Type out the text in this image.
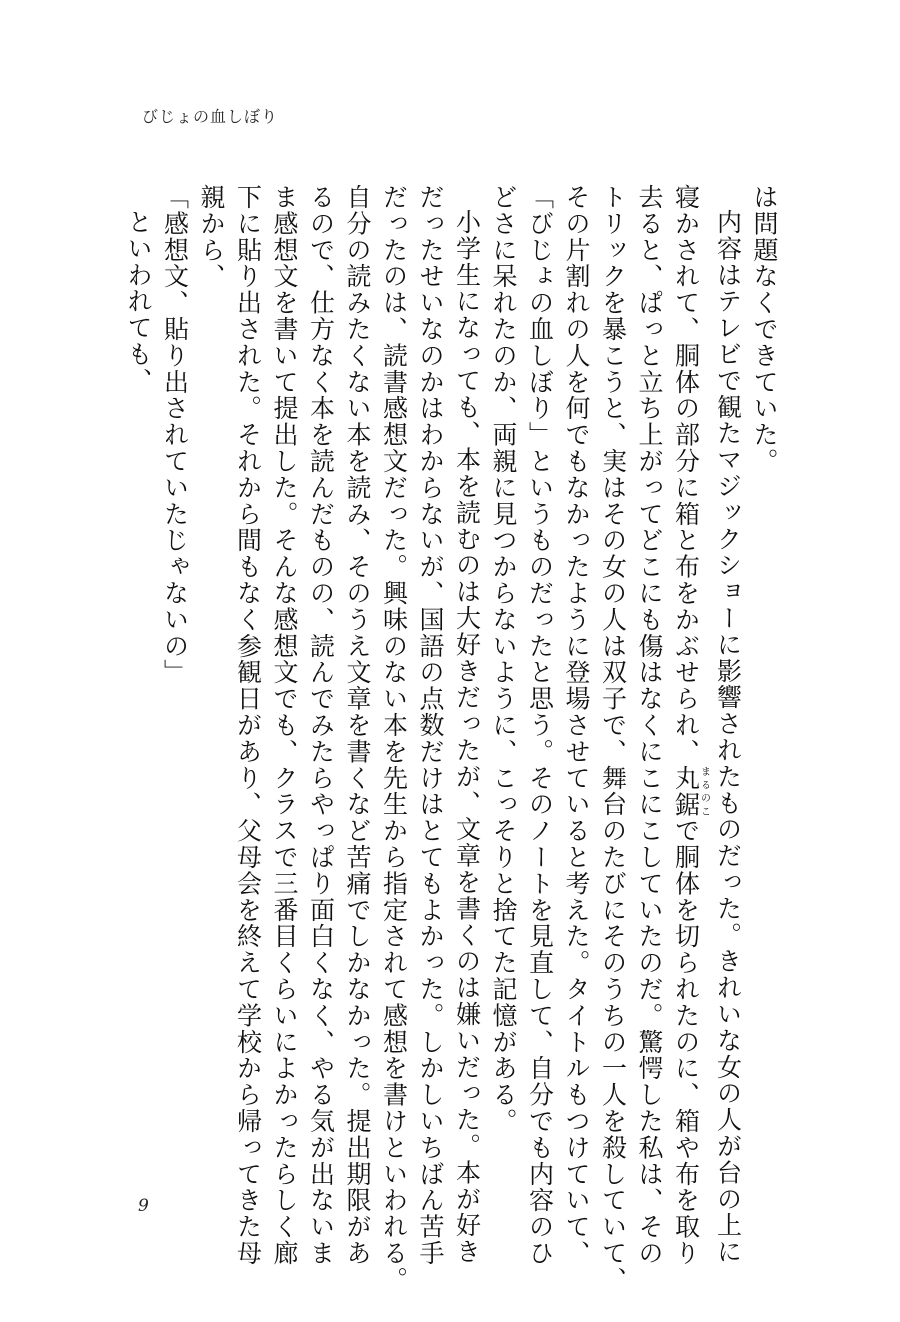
びじょの血しぼり
は問題なくできていた。
内容はテレビで観たマジックショーに影響されたものだった。きれいな女の人が台の上に
寝かされて、胴体の部分に箱と布をかぶせられ、丸鋸まるのこで胴体を切られたのに、箱や布を取り
去ると、ぱっと立ち上がってどこにも傷はなくにこにこしていたのだ。驚愕した私は、その
トリックを暴こうと、実はその女の人は双子で、舞台のたびにそのうちの一人を殺していて、
その片割れの人を何でもなかったように登場させていると考えた。タイトルもつけていて、
「びじょの血しぼり」というものだったと思う。そのノートを見直して、自分でも内容のひ
どさに呆れたのか、両親に見つからないように、こっそりと捨てた記憶がある。
小学生になっても、本を読むのは大好きだったが、文章を書くのは嫌いだった。本が好き
だったせいなのかはわからないが、国語の点数だけはとてもよかった。しかしいちばん苦手
だったのは、読書感想文だった。興味のない本を先生から指定されて感想を書けといわれる。
自分の読みたくない本を読み、そのうえ文章を書くなど苦痛でしかなかった。提出期限があ
るので、仕方なく本を読んだものの、読んでみたらやっぱり面白くなく、やる気が出ないま
ま感想文を書いて提出した。そんな感想文でも、クラスで三番目くらいによかったらしく廊
下に貼り出された。それから間もなく参観日があり、父母会を終えて学校から帰ってきた母
親から、
「感想文、貼り出されていたじゃないの」
といわれても、
9
